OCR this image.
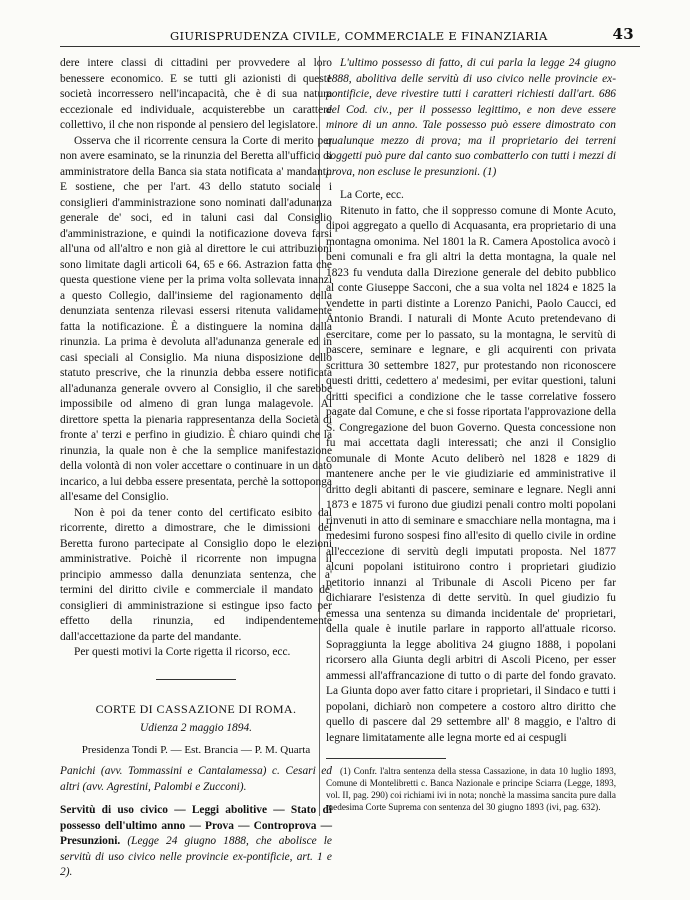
GIURISPRUDENZA CIVILE, COMMERCIALE E FINANZIARIA	43

dere intere classi di cittadini per provvedere al loro benessere economico. E se tutti gli azionisti di queste società incorressero nell'incapacità, che è di sua natura eccezionale ed individuale, acquisterebbe un carattere collettivo, il che non risponde al pensiero del legislatore.

Osserva che il ricorrente censura la Corte di merito per non avere esaminato, se la rinunzia del Beretta all'ufficio di amministratore della Banca sia stata notificata a' mandanti. E sostiene, che per l'art. 43 dello statuto sociale i consiglieri d'amministrazione sono nominati dall'adunanza generale de' soci, ed in taluni casi dal Consiglio d'amministrazione, e quindi la notificazione doveva farsi all'una od all'altro e non già al direttore le cui attribuzioni sono limitate dagli articoli 64, 65 e 66. Astrazion fatta che questa questione viene per la prima volta sollevata innanzi a questo Collegio, dall'insieme del ragionamento della denunziata sentenza rilevasi essersi ritenuta validamente fatta la notificazione. È a distinguere la nomina dalla rinunzia. La prima è devoluta all'adunanza generale ed in casi speciali al Consiglio. Ma niuna disposizione dello statuto prescrive, che la rinunzia debba essere notificata all'adunanza generale ovvero al Consiglio, il che sarebbe impossibile od almeno di gran lunga malagevole. Al direttore spetta la pienaria rappresentanza della Società di fronte a' terzi e perfino in giudizio. È chiaro quindi che la rinunzia, la quale non è che la semplice manifestazione della volontà di non voler accettare o continuare in un dato incarico, a lui debba essere presentata, perchè la sottoponga all'esame del Consiglio.

Non è poi da tener conto del certificato esibito dal ricorrente, diretto a dimostrare, che le dimissioni del Beretta furono partecipate al Consiglio dopo le elezioni amministrative. Poichè il ricorrente non impugna il principio ammesso dalla denunziata sentenza, che a' termini del diritto civile e commerciale il mandato de' consiglieri di amministrazione si estingue ipso facto per effetto della rinunzia, ed indipendentemente dall'accettazione da parte del mandante.

Per questi motivi la Corte rigetta il ricorso, ecc.

CORTE DI CASSAZIONE DI ROMA.

Udienza 2 maggio 1894.

Presidenza Tondi P. — Est. Brancia — P. M. Quarta

Panichi (avv. Tommassini e Cantalamessa) c. Cesari ed altri (avv. Agrestini, Palombi e Zucconi).

Servitù di uso civico — Leggi abolitive — Stato di possesso dell'ultimo anno — Prova — Controprova — Presunzioni. (Legge 24 giugno 1888, che abolisce le servitù di uso civico nelle provincie ex-pontificie, art. 1 e 2).

L'ultimo possesso di fatto, di cui parla la legge 24 giugno 1888, abolitiva delle servitù di uso civico nelle provincie ex-pontificie, deve rivestire tutti i caratteri richiesti dall'art. 686 del Cod. civ., per il possesso legittimo, e non deve essere minore di un anno. Tale possesso può essere dimostrato con qualunque mezzo di prova; ma il proprietario dei terreni soggetti può pure dal canto suo combatterlo con tutti i mezzi di prova, non escluse le presunzioni. (1)

La Corte, ecc.

Ritenuto in fatto, che il soppresso comune di Monte Acuto, dipoi aggregato a quello di Acquasanta, era proprietario di una montagna omonima. Nel 1801 la R. Camera Apostolica avocò i beni comunali e fra gli altri la detta montagna, la quale nel 1823 fu venduta dalla Direzione generale del debito pubblico al conte Giuseppe Sacconi, che a sua volta nel 1824 e 1825 la vendette in parti distinte a Lorenzo Panichi, Paolo Caucci, ed Antonio Brandi. I naturali di Monte Acuto pretendevano di esercitare, come per lo passato, su la montagna, le servitù di pascere, seminare e legnare, e gli acquirenti con privata scrittura 30 settembre 1827, pur protestando non riconoscere questi dritti, cedettero a' medesimi, per evitar questioni, taluni dritti specifici a condizione che le tasse correlative fossero pagate dal Comune, e che si fosse riportata l'approvazione della S. Congregazione del buon Governo. Questa concessione non fu mai accettata dagli interessati; che anzi il Consiglio comunale di Monte Acuto deliberò nel 1828 e 1829 di mantenere anche per le vie giudiziarie ed amministrative il dritto degli abitanti di pascere, seminare e legnare. Negli anni 1873 e 1875 vi furono due giudizi penali contro molti popolani rinvenuti in atto di seminare e smacchiare nella montagna, ma i medesimi furono sospesi fino all'esito di quello civile in ordine all'eccezione di servitù degli imputati proposta. Nel 1877 alcuni popolani istituirono contro i proprietari giudizio petitorio innanzi al Tribunale di Ascoli Piceno per far dichiarare l'esistenza di dette servitù. In quel giudizio fu emessa una sentenza su dimanda incidentale de' proprietari, della quale è inutile parlare in rapporto all'attuale ricorso. Sopraggiunta la legge abolitiva 24 giugno 1888, i popolani ricorsero alla Giunta degli arbitri di Ascoli Piceno, per esser ammessi all'affrancazione di tutto o di parte del fondo gravato. La Giunta dopo aver fatto citare i proprietari, il Sindaco e tutti i popolani, dichiarò non competere a costoro altro diritto che quello di pascere dal 29 settembre all' 8 maggio, e l'altro di legnare limitatamente alle legna morte ed ai cespugli

(1) Confr. l'altra sentenza della stessa Cassazione, in data 10 luglio 1893, Comune di Montelibretti c. Banca Nazionale e principe Sciarra (Legge, 1893, vol. II, pag. 290) coi richiami ivi in nota; nonchè la massima sancita pure dalla medesima Corte Suprema con sentenza del 30 giugno 1893 (ivi, pag. 632).
